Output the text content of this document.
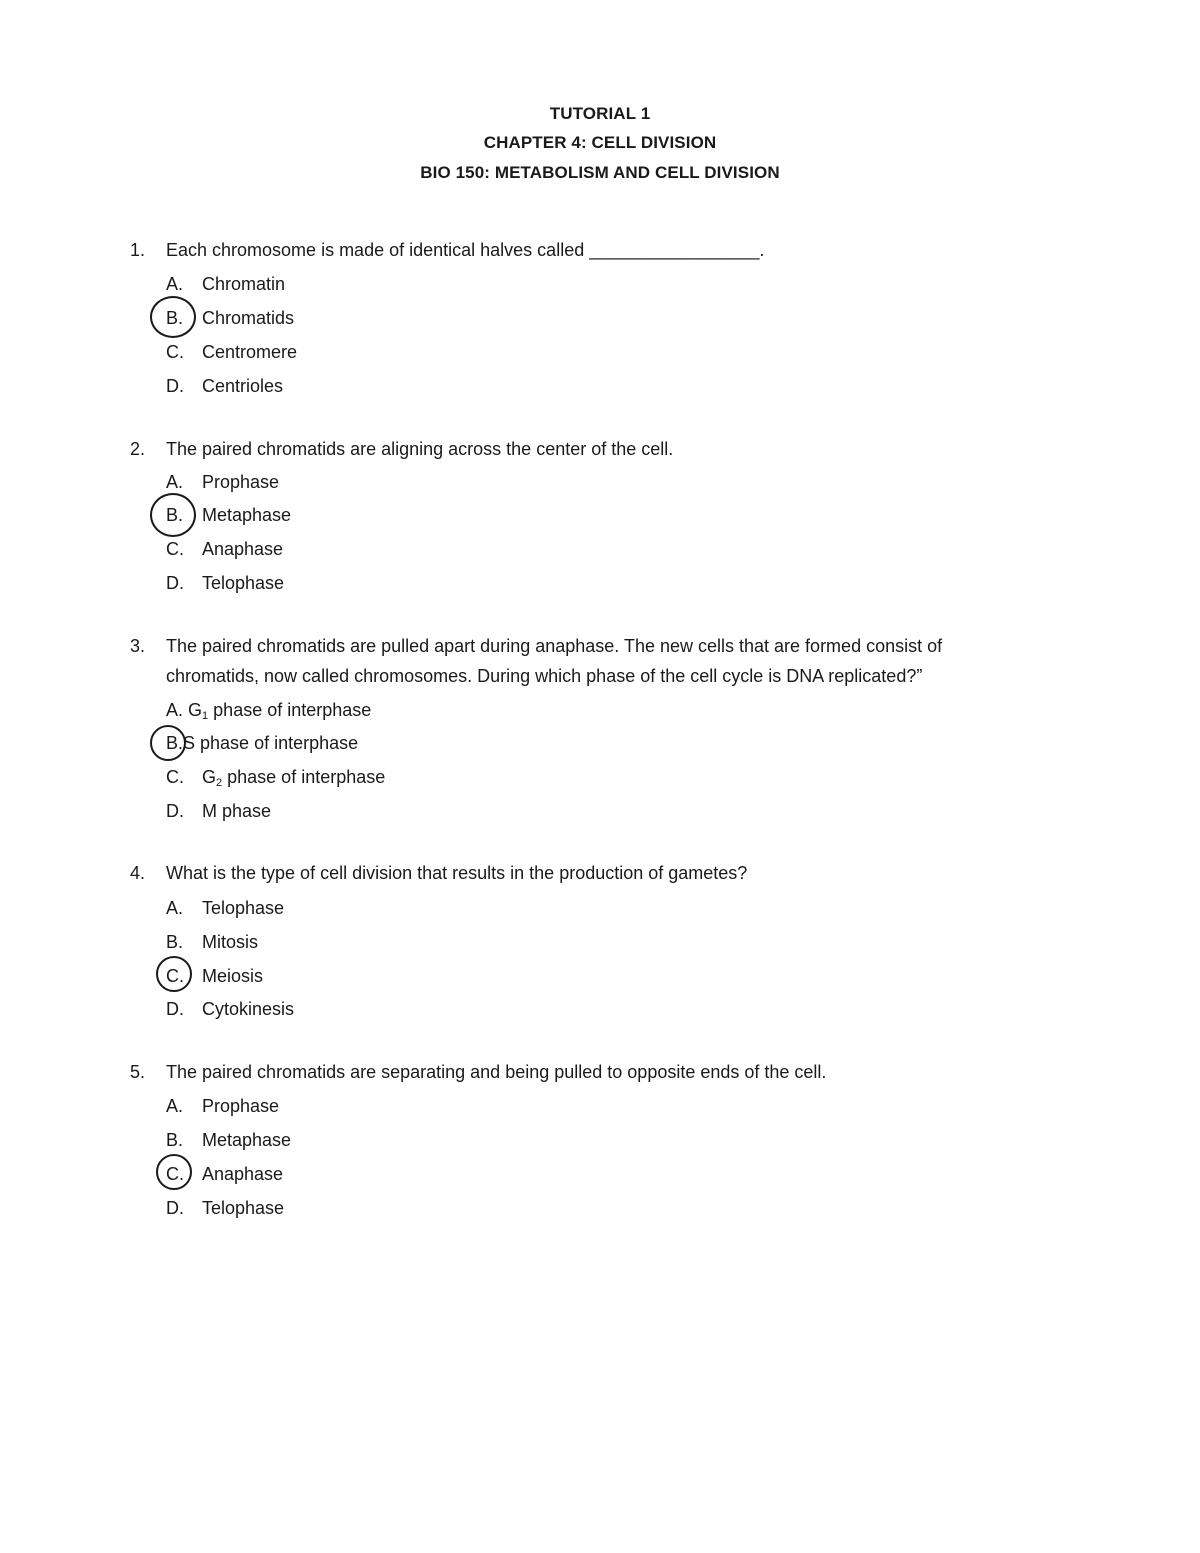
TUTORIAL 1
CHAPTER 4: CELL DIVISION
BIO 150: METABOLISM AND CELL DIVISION
1. Each chromosome is made of identical halves called _________________.
A. Chromatin
B. Chromatids
C. Centromere
D. Centrioles
2. The paired chromatids are aligning across the center of the cell.
A. Prophase
B. Metaphase
C. Anaphase
D. Telophase
3. The paired chromatids are pulled apart during anaphase. The new cells that are formed consist of
chromatids, now called chromosomes. During which phase of the cell cycle is DNA replicated?”
A. $G_1$ phase of interphase
B.S phase of interphase
C. $G_2$ phase of interphase
D. M phase
4. What is the type of cell division that results in the production of gametes?
A. Telophase
B. Mitosis
C. Meiosis
D. Cytokinesis
5. The paired chromatids are separating and being pulled to opposite ends of the cell.
A. Prophase
B. Metaphase
C. Anaphase
D. Telophase
